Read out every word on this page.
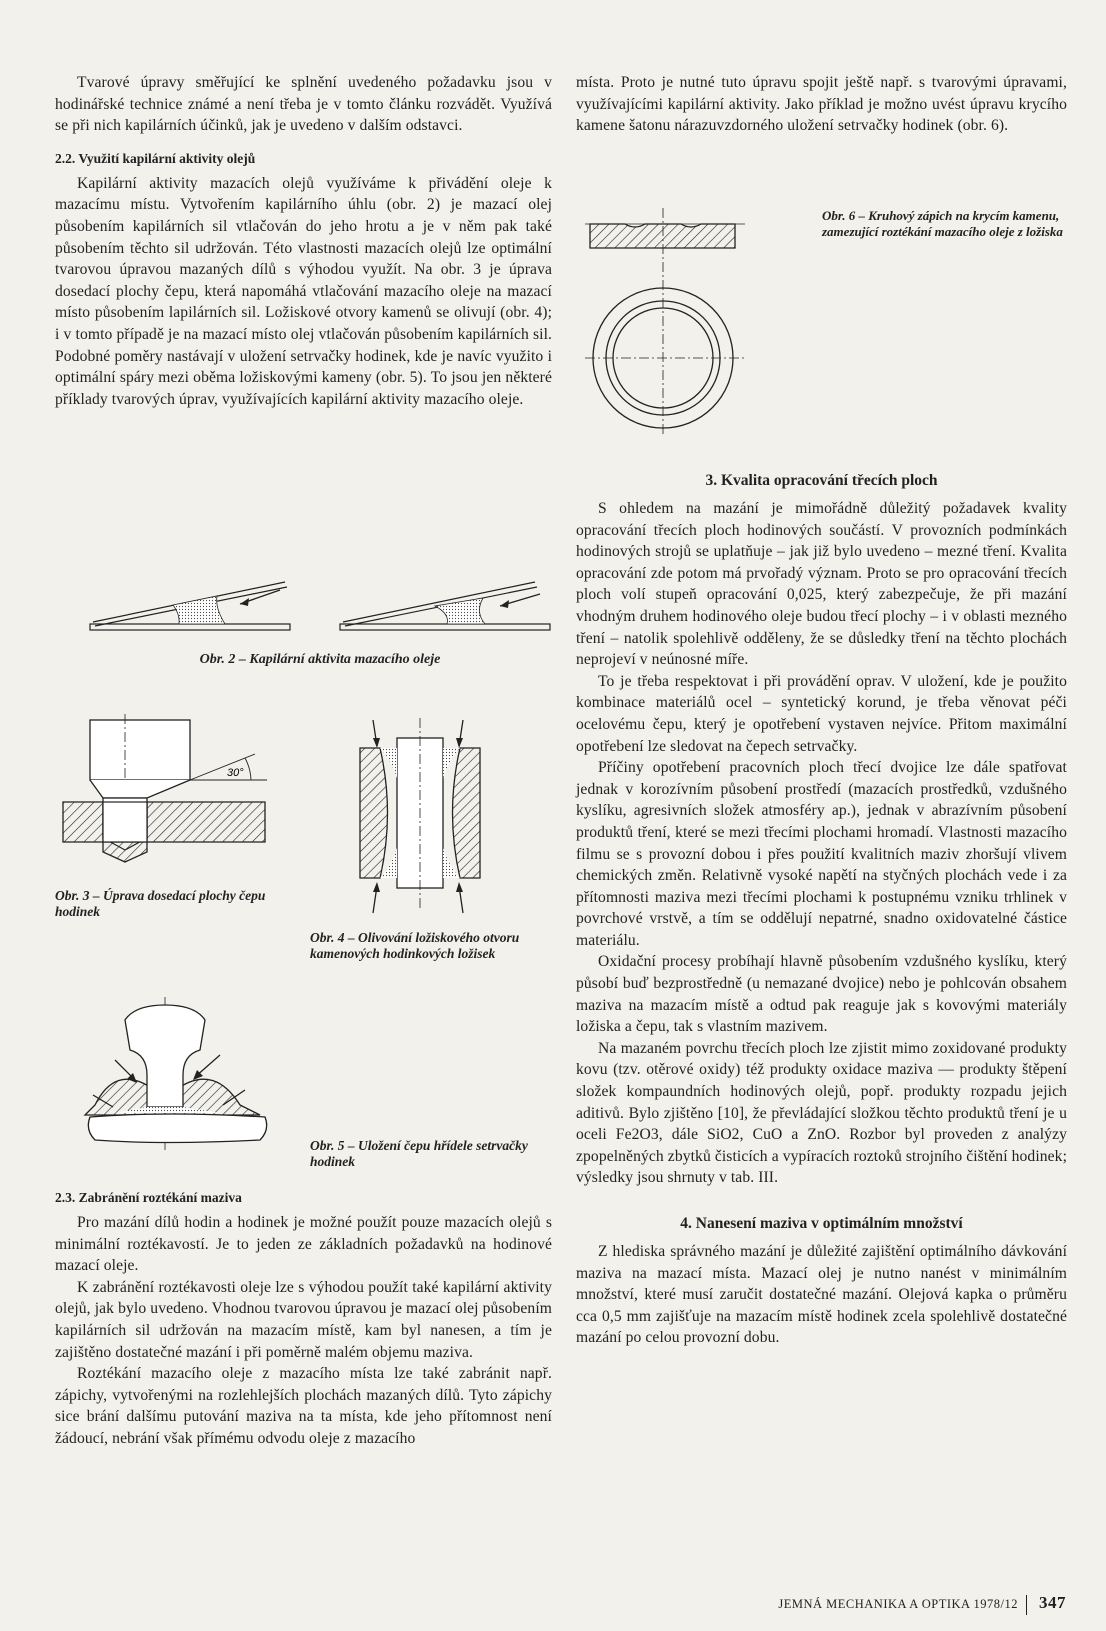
Tvarové úpravy směřující ke splnění uvedeného požadavku jsou v hodinářské technice známé a není třeba je v tomto článku rozvádět. Využívá se při nich kapilárních účinků, jak je uvedeno v dalším odstavci.

2.2. Využití kapilární aktivity olejů

Kapilární aktivity mazacích olejů využíváme k přivádění oleje k mazacímu místu. Vytvořením kapilárního úhlu (obr. 2) je mazací olej působením kapilárních sil vtlačován do jeho hrotu a je v něm pak také působením těchto sil udržován. Této vlastnosti mazacích olejů lze optimální tvarovou úpravou mazaných dílů s výhodou využít. Na obr. 3 je úprava dosedací plochy čepu, která napomáhá vtlačování mazacího oleje na mazací místo působením lapilárních sil. Ložiskové otvory kamenů se olivují (obr. 4); i v tomto případě je na mazací místo olej vtlačován působením kapilárních sil. Podobné poměry nastávají v uložení setrvačky hodinek, kde je navíc využito i optimální spáry mezi oběma ložiskovými kameny (obr. 5). To jsou jen některé příklady tvarových úprav, využívajících kapilární aktivity mazacího oleje.

Obr. 2 – Kapilární aktivita mazacího oleje
30°
Obr. 3 – Úprava dosedací plochy čepu hodinek
Obr. 4 – Olivování ložiskového otvoru kamenových hodinkových ložisek
Obr. 5 – Uložení čepu hřídele setrvačky hodinek
2.3. Zabránění roztékání maziva

Pro mazání dílů hodin a hodinek je možné použít pouze mazacích olejů s minimální roztékavostí. Je to jeden ze základních požadavků na hodinové mazací oleje.

K zabránění roztékavosti oleje lze s výhodou použít také kapilární aktivity olejů, jak bylo uvedeno. Vhodnou tvarovou úpravou je mazací olej působením kapilárních sil udržován na mazacím místě, kam byl nanesen, a tím je zajištěno dostatečné mazání i při poměrně malém objemu maziva.

Roztékání mazacího oleje z mazacího místa lze také zabránit např. zápichy, vytvořenými na rozlehlejších plochách mazaných dílů. Tyto zápichy sice brání dalšímu putování maziva na ta místa, kde jeho přítomnost není žádoucí, nebrání však přímému odvodu oleje z mazacího

místa. Proto je nutné tuto úpravu spojit ještě např. s tvarovými úpravami, využívajícími kapilární aktivity. Jako příklad je možno uvést úpravu krycího kamene šatonu nárazuvzdorného uložení setrvačky hodinek (obr. 6).

Obr. 6 – Kruhový zápich na krycím kamenu, zamezující roztékání mazacího oleje z ložiska
3. Kvalita opracování třecích ploch

S ohledem na mazání je mimořádně důležitý požadavek kvality opracování třecích ploch hodinových součástí. V provozních podmínkách hodinových strojů se uplatňuje – jak již bylo uvedeno – mezné tření. Kvalita opracování zde potom má prvořadý význam. Proto se pro opracování třecích ploch volí stupeň opracování 0,025, který zabezpečuje, že při mazání vhodným druhem hodinového oleje budou třecí plochy – i v oblasti mezného tření – natolik spolehlivě odděleny, že se důsledky tření na těchto plochách neprojeví v neúnosné míře.

To je třeba respektovat i při provádění oprav. V uložení, kde je použito kombinace materiálů ocel – syntetický korund, je třeba věnovat péči ocelovému čepu, který je opotřebení vystaven nejvíce. Přitom maximální opotřebení lze sledovat na čepech setrvačky.

Příčiny opotřebení pracovních ploch třecí dvojice lze dále spatřovat jednak v korozívním působení prostředí (mazacích prostředků, vzdušného kyslíku, agresivních složek atmosféry ap.), jednak v abrazívním působení produktů tření, které se mezi třecími plochami hromadí. Vlastnosti mazacího filmu se s provozní dobou i přes použití kvalitních maziv zhoršují vlivem chemických změn. Relativně vysoké napětí na styčných plochách vede i za přítomnosti maziva mezi třecími plochami k postupnému vzniku trhlinek v povrchové vrstvě, a tím se oddělují nepatrné, snadno oxidovatelné částice materiálu.

Oxidační procesy probíhají hlavně působením vzdušného kyslíku, který působí buď bezprostředně (u nemazané dvojice) nebo je pohlcován obsahem maziva na mazacím místě a odtud pak reaguje jak s kovovými materiály ložiska a čepu, tak s vlastním mazivem.

Na mazaném povrchu třecích ploch lze zjistit mimo zoxidované produkty kovu (tzv. otěrové oxidy) též produkty oxidace maziva — produkty štěpení složek kompaundních hodinových olejů, popř. produkty rozpadu jejich aditivů. Bylo zjištěno [10], že převládající složkou těchto produktů tření je u oceli Fe2O3, dále SiO2, CuO a ZnO. Rozbor byl proveden z analýzy zpopelněných zbytků čisticích a vypíracích roztoků strojního čištění hodinek; výsledky jsou shrnuty v tab. III.

4. Nanesení maziva v optimálním množství

Z hlediska správného mazání je důležité zajištění optimálního dávkování maziva na mazací místa. Mazací olej je nutno nanést v minimálním množství, které musí zaručit dostatečné mazání. Olejová kapka o průměru cca 0,5 mm zajišťuje na mazacím místě hodinek zcela spolehlivě dostatečné mazání po celou provozní dobu.

JEMNÁ MECHANIKA A OPTIKA 1978/12 347
